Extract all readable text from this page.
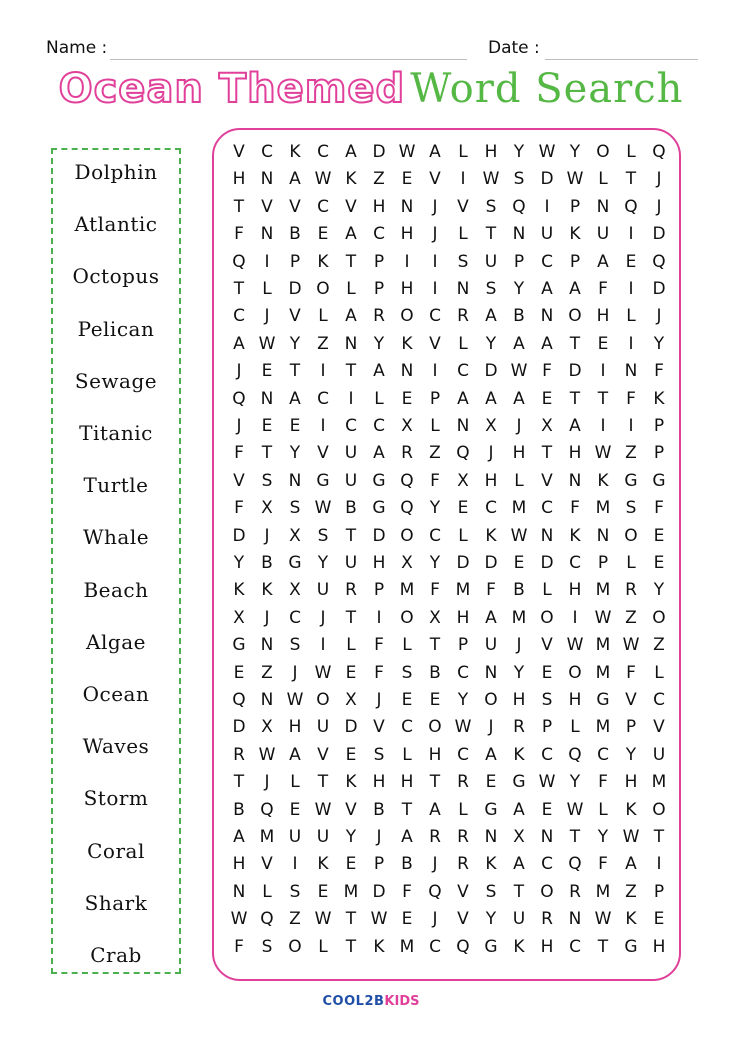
Name :	Date :
Ocean Themed Word Search
Dolphin
Atlantic
Octopus
Pelican
Sewage
Titanic
Turtle
Whale
Beach
Algae
Ocean
Waves
Storm
Coral
Shark
Crab
V C K C A D W A	L H Y W Y O L Q
H N A W K Z E V	I	W S D W L	T	J
T V V C V H N	J	V S Q	I	P N Q	J
F N B E A C H	J	L	T N U K U	I	D
Q	I	P	K	T	P	I	I	S U P C P	A E Q
T	L D O L	P H	I	N S	Y A A	F	I	D
C	J	V	L	A R O C R A B N O H L	J
A W Y Z N Y	K V	L	Y A A T	E	I	Y
J	E	T	I	T A N	I	C D W F D	I	N F
Q N A C	I	L	E	P	A A A E	T	T	F	K
J	E	E	I	C C X	L N X	J	X A	I	I	P
F	T	Y V U A R Z Q	J	H T H W Z	P
V S N G U G Q F	X H L	V N K G G
F	X S W B G Q Y	E C M C	F M S	F
D	J	X S	T D O C	L	K W N K N O E
Y B G Y U H X Y D D E D C P	L	E
K K X U R P M F M F	B	L H M R Y
X	J	C	J	T	I	O X H A M O	I	W Z O
G N S	I	L	F	L	T	P U	J	V W M W Z
E Z	J	W E	F	S B C N Y	E O M F	L
Q N W O X	J	E	E	Y O H S H G V C
D X H U D V C O W	J	R P	L M P	V
R W A V E	S	L H C A K C Q C Y U
T	J	L	T	K H H T R E G W Y	F H M
B Q E W V B T A	L G A E W L	K O
A M U U Y	J	A R R N X N T	Y W T
H V	I	K	E	P	B	J	R K A C Q F	A	I
N L	S	E M D F Q V S	T O R M Z	P
W Q Z W T W E	J	V Y U R N W K	E
F	S O L	T	K M C Q G K H C T G H
COOL2BKIDS
